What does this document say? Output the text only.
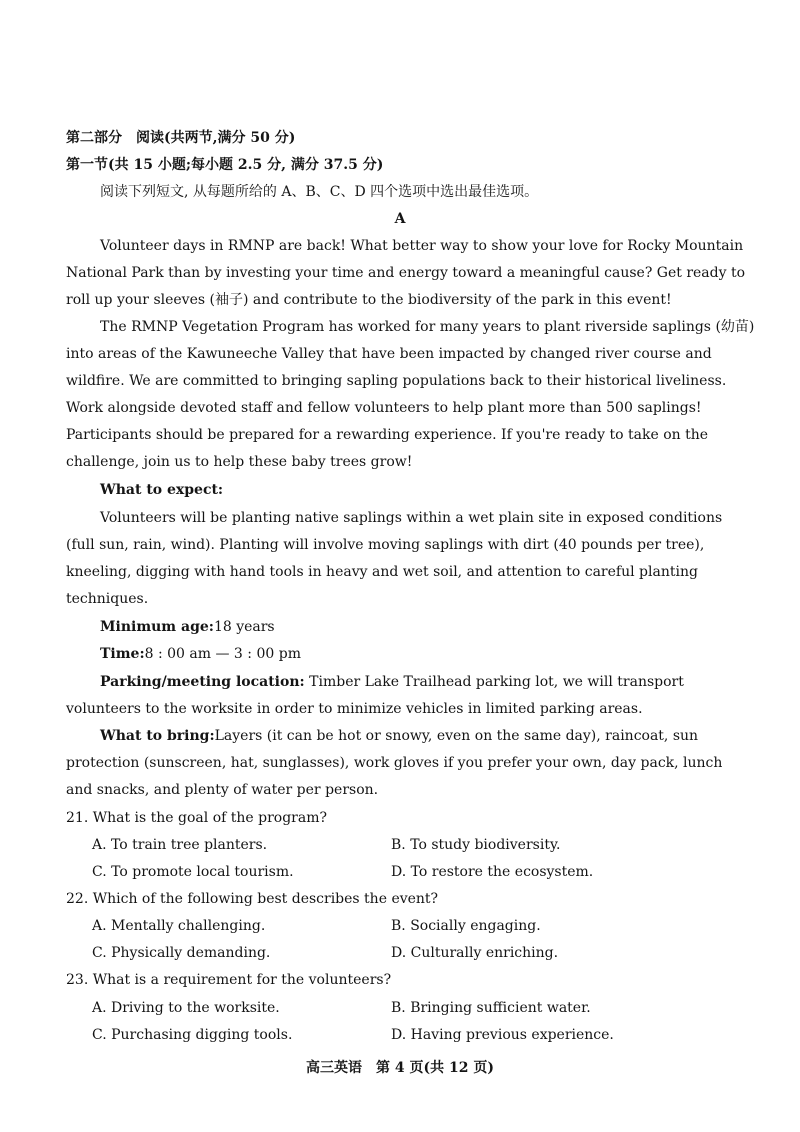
第二部分　阅读(共两节,满分 50 分)
第一节(共 15 小题;每小题 2.5 分, 满分 37.5 分)
阅读下列短文, 从每题所给的 A、B、C、D 四个选项中选出最佳选项。
A
Volunteer days in RMNP are back! What better way to show your love for Rocky Mountain
National Park than by investing your time and energy toward a meaningful cause? Get ready to
roll up your sleeves (袖子) and contribute to the biodiversity of the park in this event!
The RMNP Vegetation Program has worked for many years to plant riverside saplings (幼苗)
into areas of the Kawuneeche Valley that have been impacted by changed river course and
wildfire. We are committed to bringing sapling populations back to their historical liveliness.
Work alongside devoted staff and fellow volunteers to help plant more than 500 saplings!
Participants should be prepared for a rewarding experience. If you're ready to take on the
challenge, join us to help these baby trees grow!
What to expect:
Volunteers will be planting native saplings within a wet plain site in exposed conditions
(full sun, rain, wind). Planting will involve moving saplings with dirt (40 pounds per tree),
kneeling, digging with hand tools in heavy and wet soil, and attention to careful planting
techniques.
Minimum age:18 years
Time:8 : 00 am — 3 : 00 pm
Parking/meeting location: Timber Lake Trailhead parking lot, we will transport
volunteers to the worksite in order to minimize vehicles in limited parking areas.
What to bring:Layers (it can be hot or snowy, even on the same day), raincoat, sun
protection (sunscreen, hat, sunglasses), work gloves if you prefer your own, day pack, lunch
and snacks, and plenty of water per person.
21. What is the goal of the program?
A. To train tree planters.	B. To study biodiversity.
C. To promote local tourism.	D. To restore the ecosystem.
22. Which of the following best describes the event?
A. Mentally challenging.	B. Socially engaging.
C. Physically demanding.	D. Culturally enriching.
23. What is a requirement for the volunteers?
A. Driving to the worksite.	B. Bringing sufficient water.
C. Purchasing digging tools.	D. Having previous experience.
高三英语　第 4 页(共 12 页)
